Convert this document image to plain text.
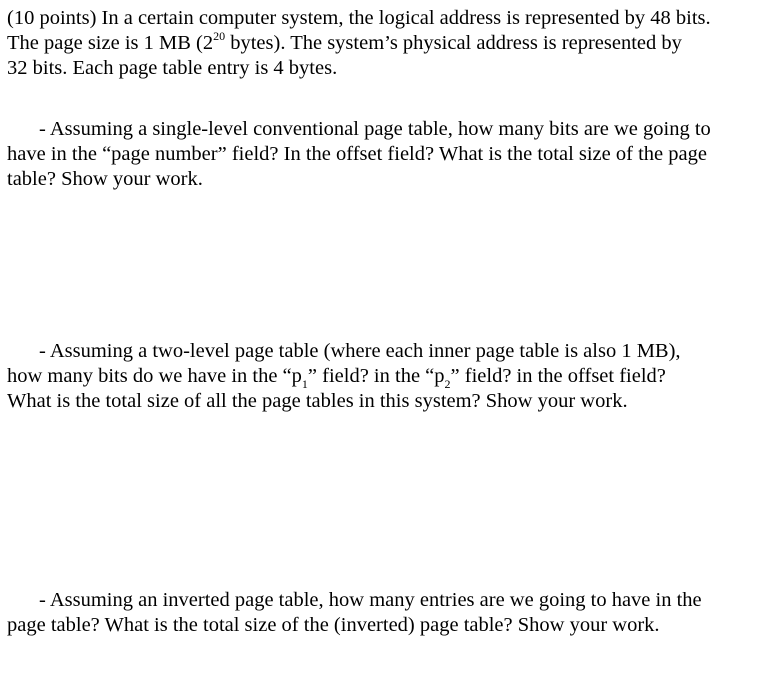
(10 points) In a certain computer system, the logical address is represented by 48 bits.

The page size is 1 MB ($2^{20}$ bytes). The system’s physical address is represented by

32 bits. Each page table entry is 4 bytes.

- Assuming a single-level conventional page table, how many bits are we going to

have in the “page number” field? In the offset field? What is the total size of the page

table? Show your work.

- Assuming a two-level page table (where each inner page table is also 1 MB),

how many bits do we have in the “$p_1$” field? in the “$p_2$” field? in the offset field?

What is the total size of all the page tables in this system? Show your work.

- Assuming an inverted page table, how many entries are we going to have in the

page table? What is the total size of the (inverted) page table? Show your work.
